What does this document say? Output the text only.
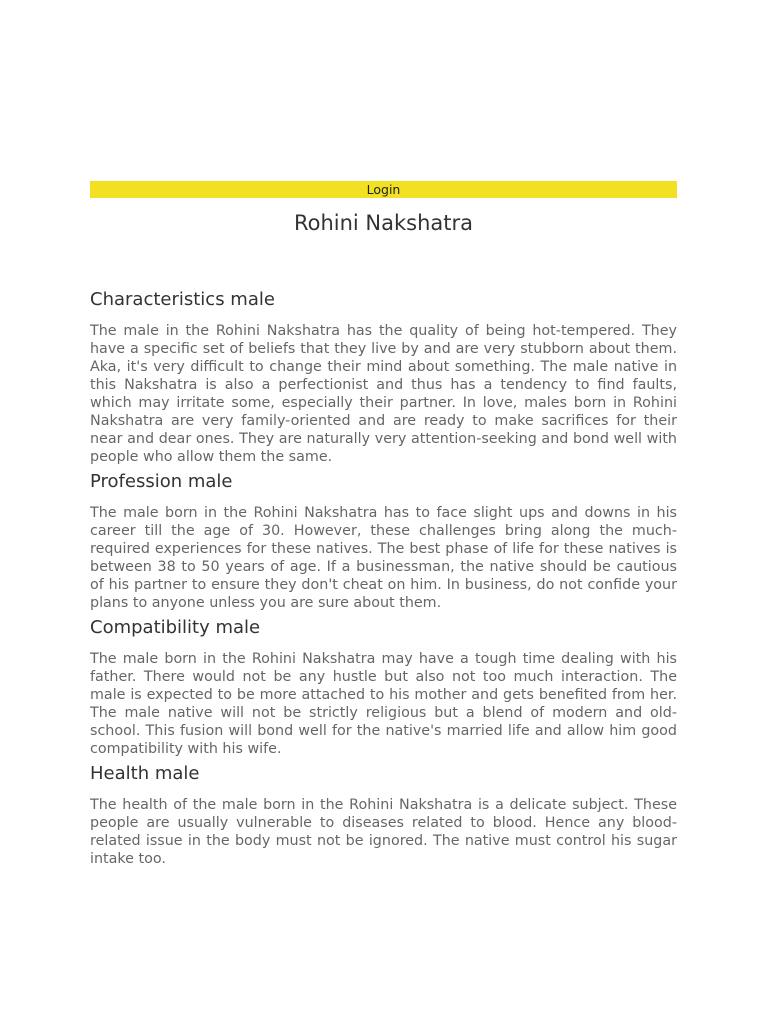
Login
Rohini Nakshatra
Characteristics male

The male in the Rohini Nakshatra has the quality of being hot-tempered. They have a specific set of beliefs that they live by and are very stubborn about them. Aka, it's very difficult to change their mind about something. The male native in this Nakshatra is also a perfectionist and thus has a tendency to find faults, which may irritate some, especially their partner. In love, males born in Rohini Nakshatra are very family-oriented and are ready to make sacrifices for their near and dear ones. They are naturally very attention-seeking and bond well with people who allow them the same.

Profession male

The male born in the Rohini Nakshatra has to face slight ups and downs in his career till the age of 30. However, these challenges bring along the much-required experiences for these natives. The best phase of life for these natives is between 38 to 50 years of age. If a businessman, the native should be cautious of his partner to ensure they don't cheat on him. In business, do not confide your plans to anyone unless you are sure about them.

Compatibility male

The male born in the Rohini Nakshatra may have a tough time dealing with his father. There would not be any hustle but also not too much interaction. The male is expected to be more attached to his mother and gets benefited from her. The male native will not be strictly religious but a blend of modern and old-school. This fusion will bond well for the native's married life and allow him good compatibility with his wife.

Health male

The health of the male born in the Rohini Nakshatra is a delicate subject. These people are usually vulnerable to diseases related to blood. Hence any blood-related issue in the body must not be ignored. The native must control his sugar intake too.
